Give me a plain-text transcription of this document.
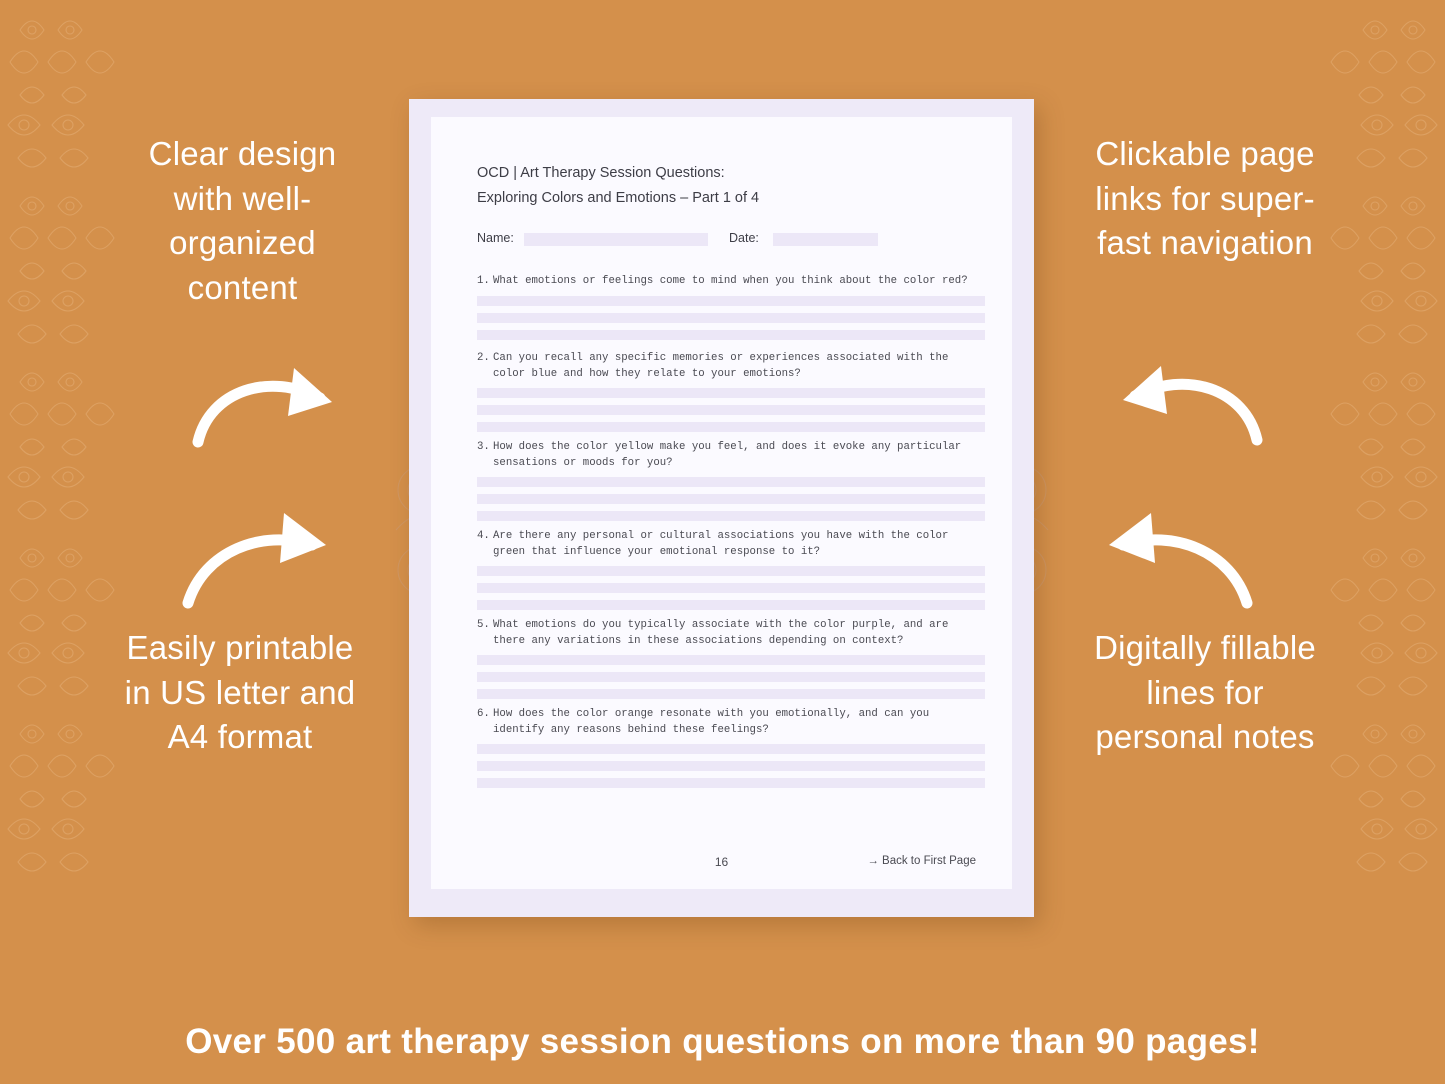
Clear design with well-organized content
Easily printable in US letter and A4 format
Clickable page links for super-fast navigation
Digitally fillable lines for personal notes
OCD | Art Therapy Session Questions:
Exploring Colors and Emotions – Part 1 of 4
Name:	Date:
1. What emotions or feelings come to mind when you think about the color red?
2. Can you recall any specific memories or experiences associated with the color blue and how they relate to your emotions?
3. How does the color yellow make you feel, and does it evoke any particular sensations or moods for you?
4. Are there any personal or cultural associations you have with the color green that influence your emotional response to it?
5. What emotions do you typically associate with the color purple, and are there any variations in these associations depending on context?
6. How does the color orange resonate with you emotionally, and can you identify any reasons behind these feelings?
16	→ Back to First Page
Over 500 art therapy session questions on more than 90 pages!
